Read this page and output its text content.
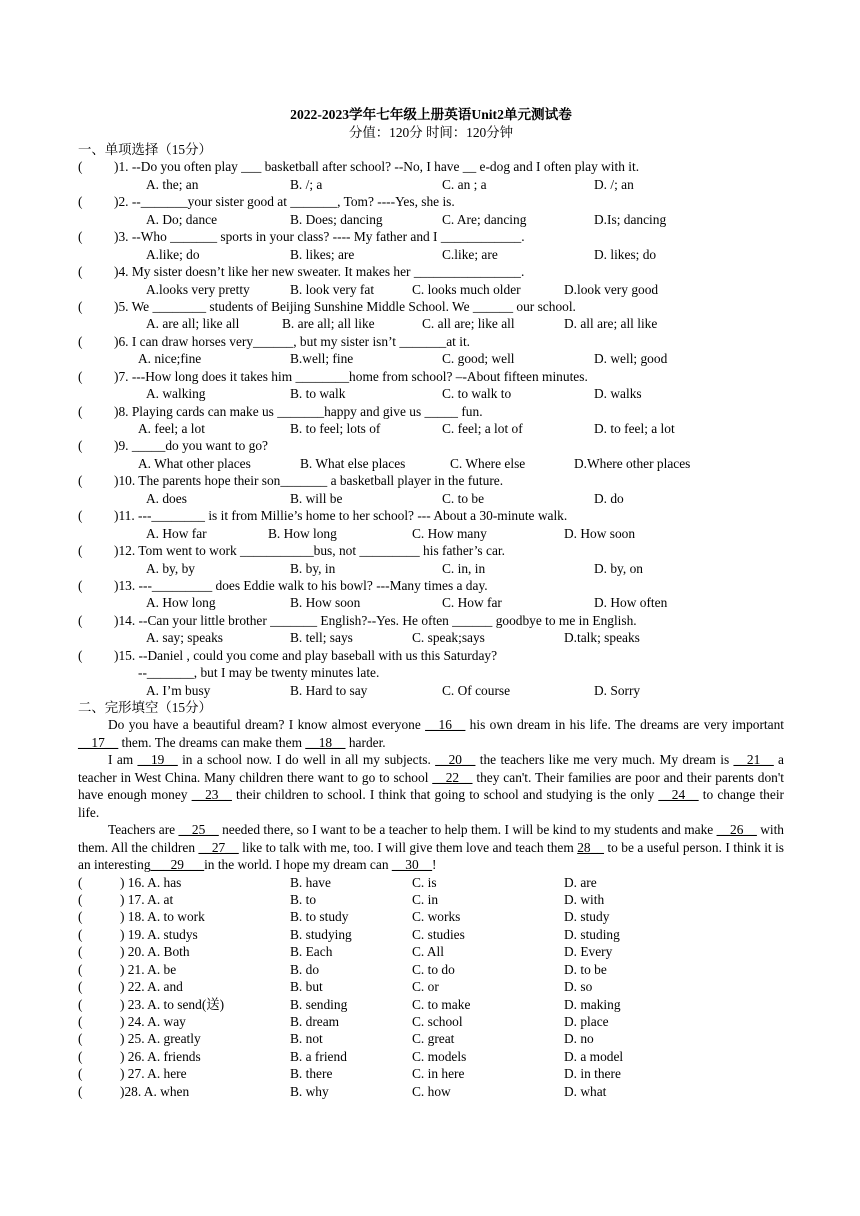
2022-2023学年七年级上册英语Unit2单元测试卷
分值：120分 时间：120分钟
一、单项选择（15分）
( )1. --Do you often play ___ basketball after school? --No, I have __ e-dog and I often play with it.
A. the; an	B. /; a	C. an ; a	D. /; an
( )2. --_______your sister good at _______, Tom? ----Yes, she is.
A. Do; dance	B. Does; dancing	C. Are; dancing	D.Is; dancing
( )3. --Who _______ sports in your class? ---- My father and I ____________.
A.like; do	B. likes; are	C.like; are	D. likes; do
( )4. My sister doesn’t like her new sweater. It makes her ________________.
A.looks very pretty	B. look very fat	C. looks much older	D.look very good
( )5. We ________ students of Beijing Sunshine Middle School. We ______ our school.
A. are all; like all	B. are all; all like	C. all are; like all	D. all are; all like
( )6. I can draw horses very______, but my sister isn’t _______at it.
A. nice;fine	B.well; fine	C. good; well	D. well; good
( )7. ---How long does it takes him ________home from school? –-About fifteen minutes.
A. walking	B. to walk	C. to walk to	D. walks
( )8. Playing cards can make us _______happy and give us _____ fun.
A. feel; a lot	B. to feel; lots of	C. feel; a lot of	D. to feel; a lot
( )9. _____do you want to go?
A. What other places	B. What else places	C. Where else	D.Where other places
( )10. The parents hope their son_______ a basketball player in the future.
A. does	B. will be	C. to be	D. do
( )11. ---________ is it from Millie’s home to her school? --- About a 30-minute walk.
A. How far	B. How long	C. How many	D. How soon
( )12. Tom went to work ___________bus, not _________ his father’s car.
A. by, by	B. by, in	C. in, in	D. by, on
( )13. ---_________ does Eddie walk to his bowl? ---Many times a day.
A. How long	B. How soon	C. How far	D. How often
( )14. --Can your little brother _______ English?--Yes. He often ______ goodbye to me in English.
A. say; speaks	B. tell; says	C. speak;says	D.talk; speaks
( )15. --Daniel , could you come and play baseball with us this Saturday?
--_______, but I may be twenty minutes late.
A. I’m busy	B. Hard to say	C. Of course	D. Sorry
二、完形填空（15分）

Do you have a beautiful dream? I know almost everyone __16__ his own dream in his life. The dreams are very important __17__ them. The dreams can make them __18__ harder.

I am __19__ in a school now. I do well in all my subjects. __20__ the teachers like me very much. My dream is __21__ a teacher in West China. Many children there want to go to school __22__ they can't. Their families are poor and their parents don't have enough money __23__ their children to school. I think that going to school and studying is the only __24__ to change their life.

Teachers are __25__ needed there, so I want to be a teacher to help them. I will be kind to my students and make __26__ with them. All the children __27__ like to talk with me, too. I will give them love and teach them 28__ to be a useful person. I think it is an interesting___29___in the world. I hope my dream can __30__!

(	) 16. A. has	B. have	C. is	D. are
(	) 17. A. at	B. to	C. in	D. with
(	) 18. A. to work	B. to study	C. works	D. study
(	) 19. A. studys	B. studying	C. studies	D. studing
(	) 20. A. Both	B. Each	C. All	D. Every
(	) 21. A. be	B. do	C. to do	D. to be
(	) 22. A. and	B. but	C. or	D. so
(	) 23. A. to send(送)	B. sending	C. to make	D. making
(	) 24. A. way	B. dream	C. school	D. place
(	) 25. A. greatly	B. not	C. great	D. no
(	) 26. A. friends	B. a friend	C. models	D. a model
(	) 27. A. here	B. there	C. in here	D. in there
(	)28. A. when	B. why	C. how	D. what
